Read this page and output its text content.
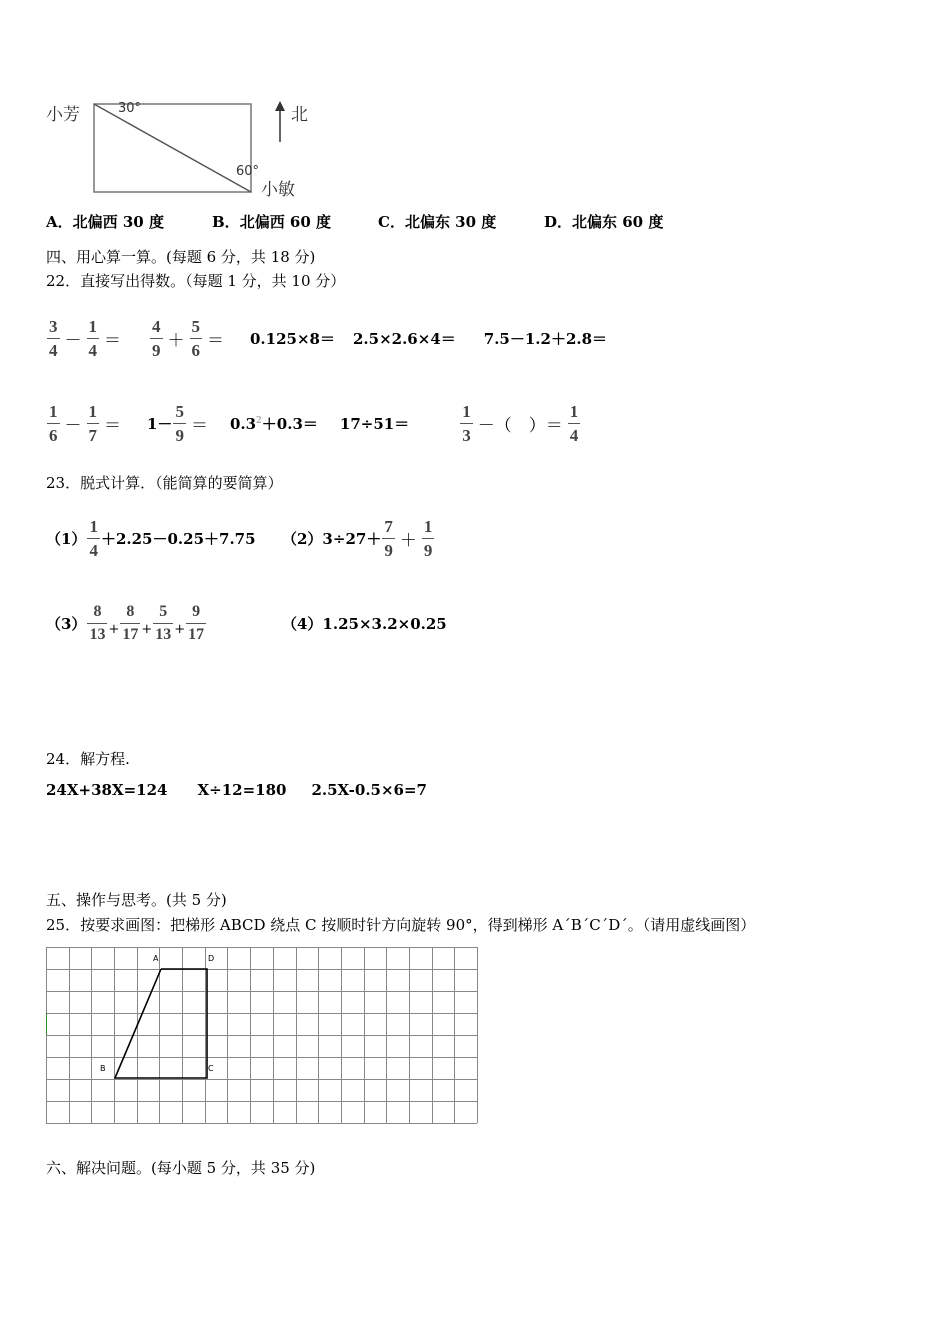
小芳	30°
60°
小敏
北
A．北偏西 30 度	B．北偏西 60 度	C．北偏东 30 度	D．北偏东 60 度
四、用心算一算。(每题 6 分，共 18 分)
22．直接写出得数。（每题 1 分，共 10 分）
$\frac{3}{4} - \frac{1}{4} = \frac{4}{9} + \frac{5}{6} = 0.125\times 8= 2.5\times 2.6\times 4= 7.5-1.2+2.8=$
$\frac{1}{6} - \frac{1}{7} = 1- \frac{5}{9} = 0.3^2+0.3= 17\div 51=$	$\frac{1}{3}$ －（　）＝ $\frac{1}{4}$
23．脱式计算．（能简算的要简算）
$(1) \frac{1}{4} +2.25-0.25+7.75$ $(2)3\div 27+ \frac{7}{9} + \frac{1}{9}$
$(3) \frac{8}{13} + \frac{8}{17} + \frac{5}{13} + \frac{9}{17}$	（4）1.25×3.2×0.25
24．解方程.
24X+38X=124 X÷12=180 2.5X-0.5×6=7
五、操作与思考。(共 5 分)
25．按要求画图：把梯形 ABCD 绕点 C 按顺时针方向旋转 90°，得到梯形 A´B´C´D´。（请用虚线画图）
A	D
B	C
六、解决问题。(每小题 5 分，共 35 分)
